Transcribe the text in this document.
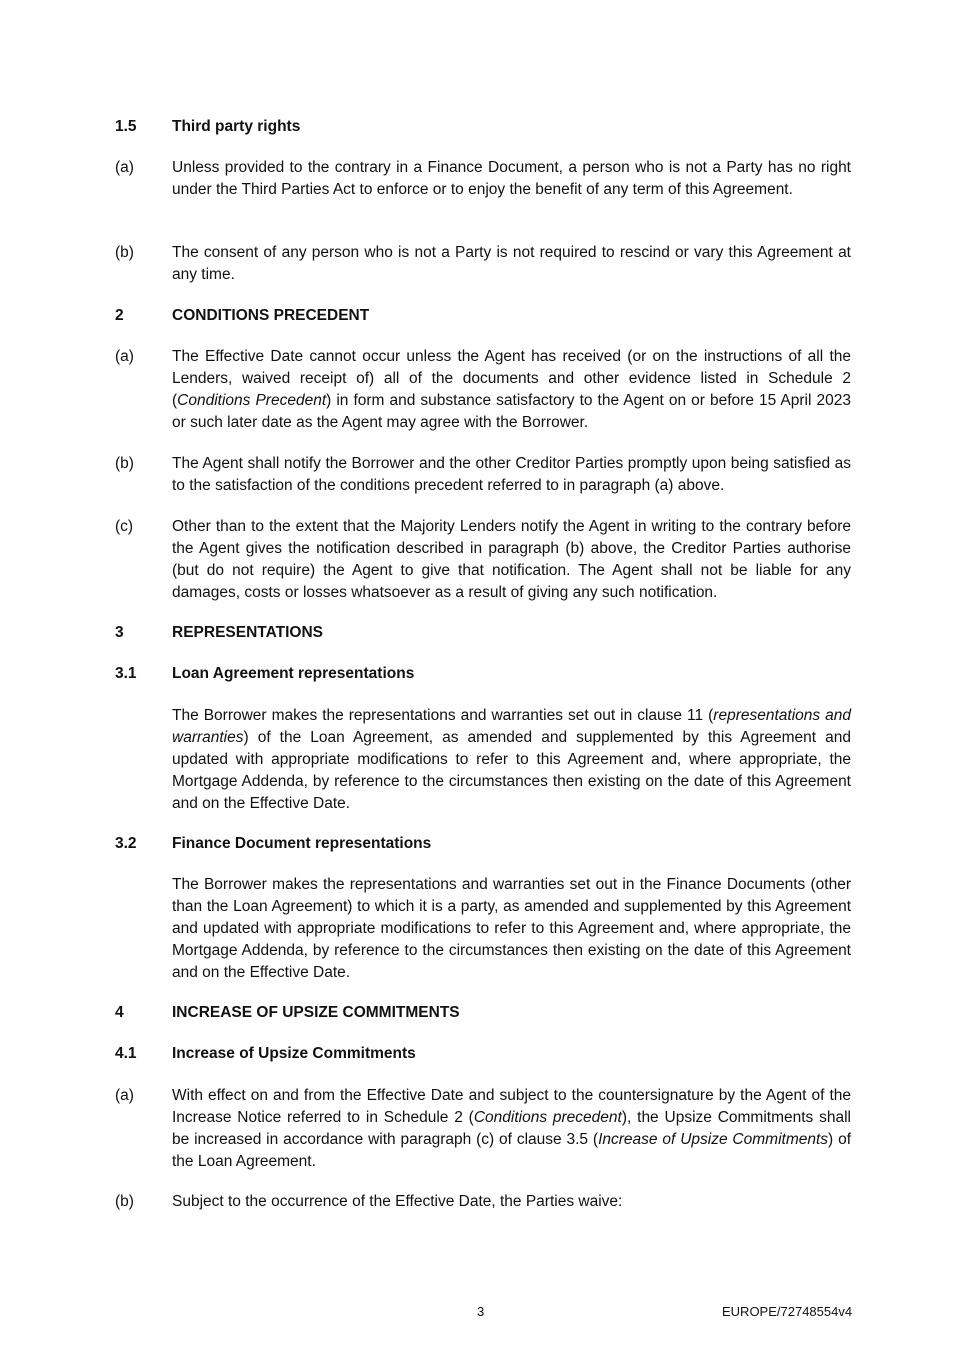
1.5	Third party rights
(a)	Unless provided to the contrary in a Finance Document, a person who is not a Party has no right under the Third Parties Act to enforce or to enjoy the benefit of any term of this Agreement.
(b)	The consent of any person who is not a Party is not required to rescind or vary this Agreement at any time.
2	CONDITIONS PRECEDENT
(a)	The Effective Date cannot occur unless the Agent has received (or on the instructions of all the Lenders, waived receipt of) all of the documents and other evidence listed in Schedule 2 (Conditions Precedent) in form and substance satisfactory to the Agent on or before 15 April 2023 or such later date as the Agent may agree with the Borrower.
(b)	The Agent shall notify the Borrower and the other Creditor Parties promptly upon being satisfied as to the satisfaction of the conditions precedent referred to in paragraph (a) above.
(c)	Other than to the extent that the Majority Lenders notify the Agent in writing to the contrary before the Agent gives the notification described in paragraph (b) above, the Creditor Parties authorise (but do not require) the Agent to give that notification. The Agent shall not be liable for any damages, costs or losses whatsoever as a result of giving any such notification.
3	REPRESENTATIONS
3.1	Loan Agreement representations
The Borrower makes the representations and warranties set out in clause 11 (representations and warranties) of the Loan Agreement, as amended and supplemented by this Agreement and updated with appropriate modifications to refer to this Agreement and, where appropriate, the Mortgage Addenda, by reference to the circumstances then existing on the date of this Agreement and on the Effective Date.
3.2	Finance Document representations
The Borrower makes the representations and warranties set out in the Finance Documents (other than the Loan Agreement) to which it is a party, as amended and supplemented by this Agreement and updated with appropriate modifications to refer to this Agreement and, where appropriate, the Mortgage Addenda, by reference to the circumstances then existing on the date of this Agreement and on the Effective Date.
4	INCREASE OF UPSIZE COMMITMENTS
4.1	Increase of Upsize Commitments
(a)	With effect on and from the Effective Date and subject to the countersignature by the Agent of the Increase Notice referred to in Schedule 2 (Conditions precedent), the Upsize Commitments shall be increased in accordance with paragraph (c) of clause 3.5 (Increase of Upsize Commitments) of the Loan Agreement.
(b)	Subject to the occurrence of the Effective Date, the Parties waive:
3	EUROPE/72748554v4
